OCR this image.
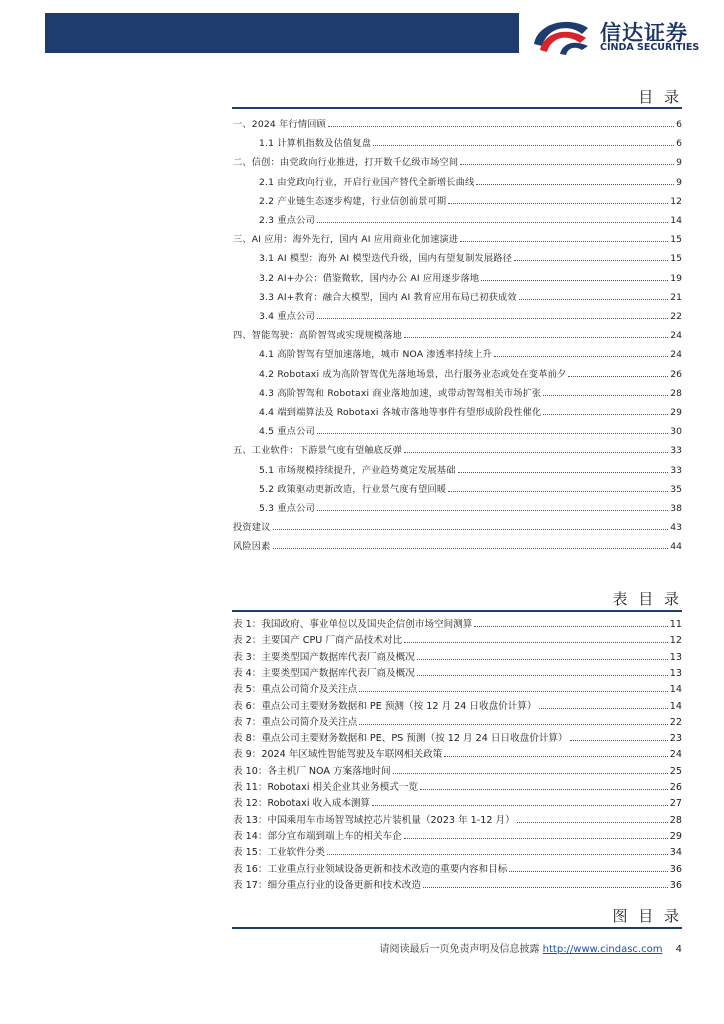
信达证券
CINDA SECURITIES
目 录
一、2024 年行情回顾	6
1.1 计算机指数及估值复盘	6
二、信创：由党政向行业推进，打开数千亿级市场空间	9
2.1 由党政向行业，开启行业国产替代全新增长曲线	9
2.2 产业链生态逐步构建，行业信创前景可期	12
2.3 重点公司	14
三、AI 应用：海外先行，国内 AI 应用商业化加速演进	15
3.1 AI 模型：海外 AI 模型迭代升级，国内有望复制发展路径	15
3.2 AI+办公：借鉴微软，国内办公 AI 应用逐步落地	19
3.3 AI+教育：融合大模型，国内 AI 教育应用布局已初获成效	21
3.4 重点公司	22
四、智能驾驶：高阶智驾或实现规模落地	24
4.1 高阶智驾有望加速落地，城市 NOA 渗透率持续上升	24
4.2 Robotaxi 成为高阶智驾优先落地场景，出行服务业态或处在变革前夕	26
4.3 高阶智驾和 Robotaxi 商业落地加速，或带动智驾相关市场扩张	28
4.4 端到端算法及 Robotaxi 各城市落地等事件有望形成阶段性催化	29
4.5 重点公司	30
五、工业软件：下游景气度有望触底反弹	33
5.1 市场规模持续提升，产业趋势奠定发展基础	33
5.2 政策驱动更新改造，行业景气度有望回暖	35
5.3 重点公司	38
投资建议	43
风险因素	44
表 目 录
表 1：我国政府、事业单位以及国央企信创市场空间测算	11
表 2：主要国产 CPU 厂商产品技术对比	12
表 3：主要类型国产数据库代表厂商及概况	13
表 4：主要类型国产数据库代表厂商及概况	13
表 5：重点公司简介及关注点	14
表 6：重点公司主要财务数据和 PE 预测（按 12 月 24 日收盘价计算）	14
表 7：重点公司简介及关注点	22
表 8：重点公司主要财务数据和 PE、PS 预测（按 12 月 24 日日收盘价计算）	23
表 9：2024 年区域性智能驾驶及车联网相关政策	24
表 10：各主机厂 NOA 方案落地时间	25
表 11：Robotaxi 相关企业其业务模式一览	26
表 12：Robotaxi 收入成本测算	27
表 13：中国乘用车市场智驾域控芯片装机量（2023 年 1-12 月）	28
表 14：部分宣布端到端上车的相关车企	29
表 15：工业软件分类	34
表 16：工业重点行业领域设备更新和技术改造的重要内容和目标	36
表 17：细分重点行业的设备更新和技术改造	36
图 目 录
请阅读最后一页免责声明及信息披露 http://www.cindasc.com 4
